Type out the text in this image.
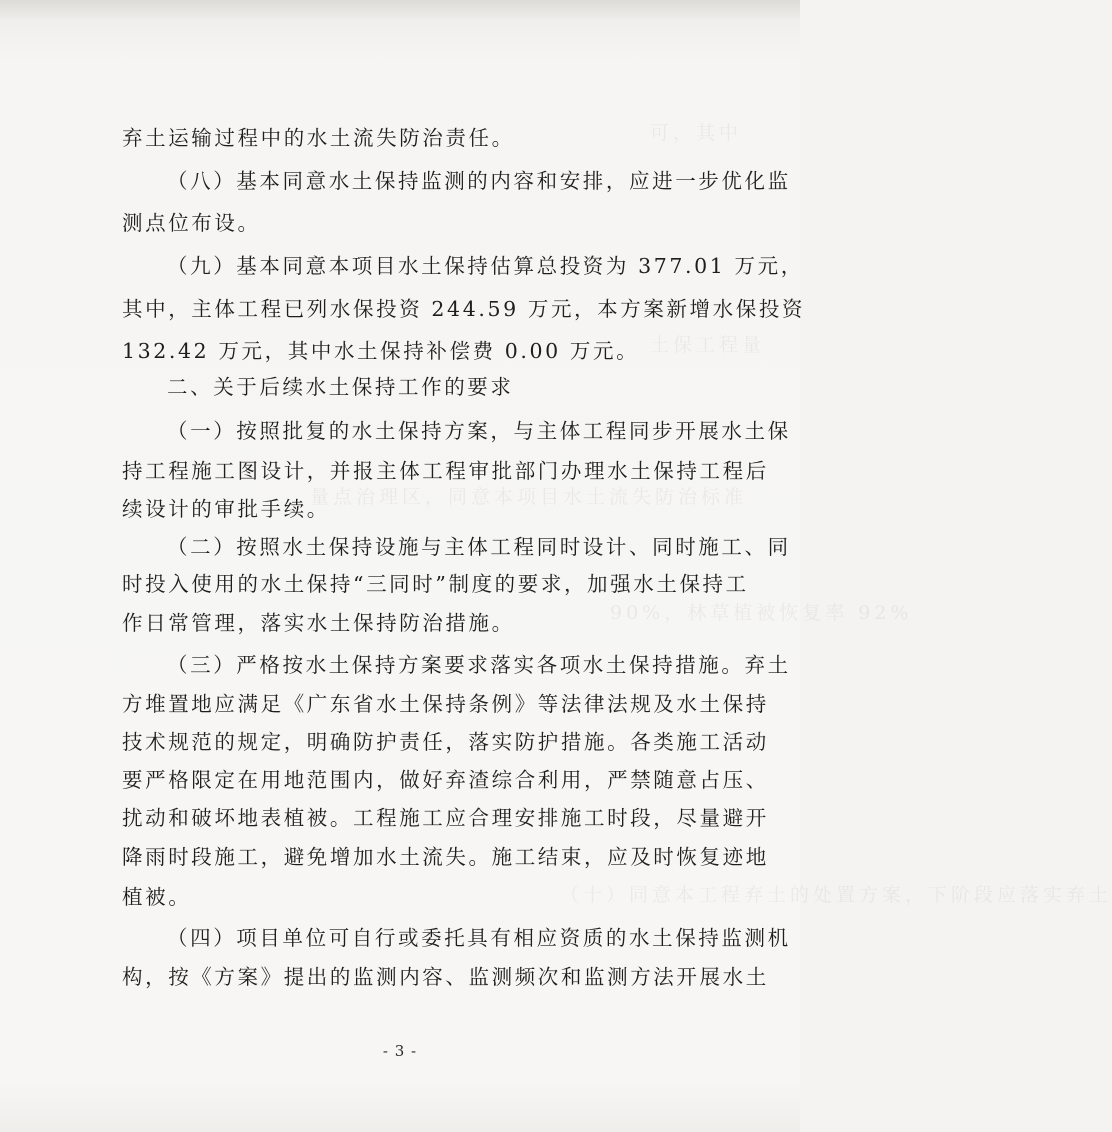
可，其中
土保工程量
量点治理区，同意本项目水土流失防治标准
90%，林草植被恢复率 92%
（十）同意本工程弃土的处置方案，下阶段应落实弃土
弃土运输过程中的水土流失防治责任。
（八）基本同意水土保持监测的内容和安排，应进一步优化监
测点位布设。
（九）基本同意本项目水土保持估算总投资为 377.01 万元，
其中，主体工程已列水保投资 244.59 万元，本方案新增水保投资
132.42 万元，其中水土保持补偿费 0.00 万元。
二、关于后续水土保持工作的要求
（一）按照批复的水土保持方案，与主体工程同步开展水土保
持工程施工图设计，并报主体工程审批部门办理水土保持工程后
续设计的审批手续。
（二）按照水土保持设施与主体工程同时设计、同时施工、同
时投入使用的水土保持“三同时”制度的要求，加强水土保持工
作日常管理，落实水土保持防治措施。
（三）严格按水土保持方案要求落实各项水土保持措施。弃土
方堆置地应满足《广东省水土保持条例》等法律法规及水土保持
技术规范的规定，明确防护责任，落实防护措施。各类施工活动
要严格限定在用地范围内，做好弃渣综合利用，严禁随意占压、
扰动和破坏地表植被。工程施工应合理安排施工时段，尽量避开
降雨时段施工，避免增加水土流失。施工结束，应及时恢复迹地
植被。
（四）项目单位可自行或委托具有相应资质的水土保持监测机
构，按《方案》提出的监测内容、监测频次和监测方法开展水土
- 3 -
